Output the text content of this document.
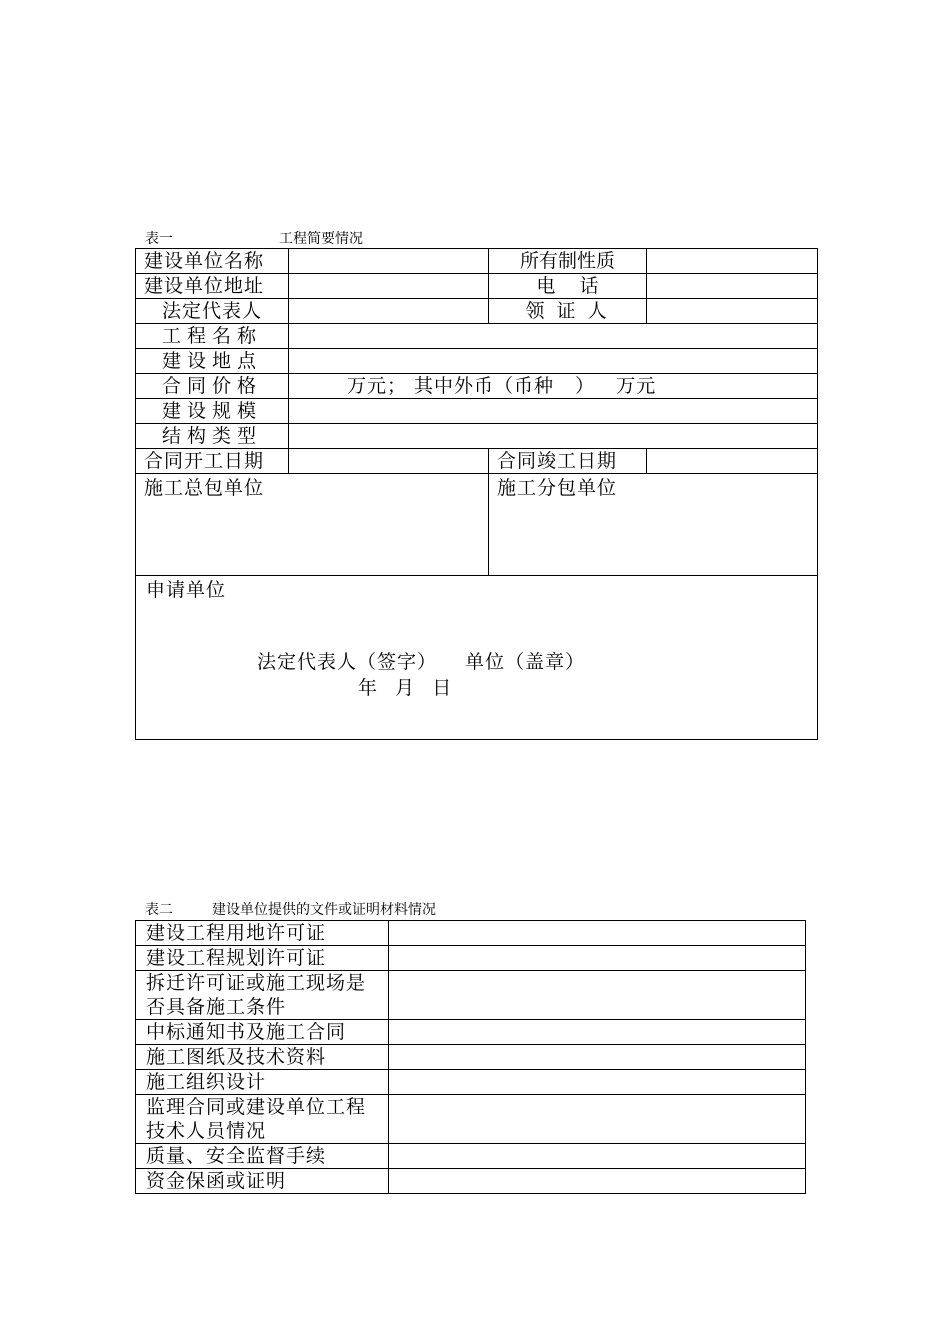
表一	工程简要情况
建设单位名称		所有制性质	
建设单位地址		电    话	
法定代表人		领 证 人	
工程名称			
建设地点			
合同价格	万元； 其中外币（币种   ）   万元		
建设规模			
结构类型			

合同开工日期		合同竣工日期	
施工总包单位		施工分包单位	

申请单位
法定代表人（签字）    单位（盖章）
年   月   日			
表二	建设单位提供的文件或证明材料情况
建设工程用地许可证	
建设工程规划许可证	
拆迁许可证或施工现场是否具备施工条件	
中标通知书及施工合同	
施工图纸及技术资料	
施工组织设计	
监理合同或建设单位工程技术人员情况	
质量、安全监督手续	
资金保函或证明	
